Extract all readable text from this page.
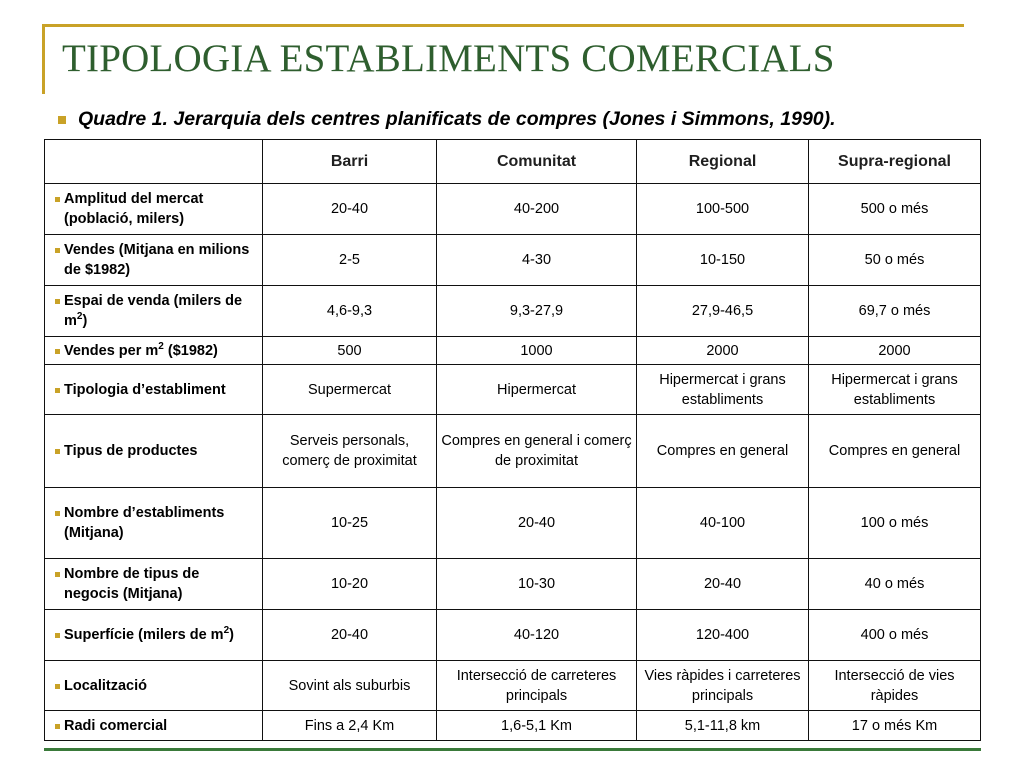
TIPOLOGIA ESTABLIMENTS COMERCIALS
Quadre 1. Jerarquia dels centres planificats de compres (Jones i Simmons, 1990).
	Barri	Comunitat	Regional	Supra-regional

Amplitud del mercat (població, milers)	20-40	40-200	100-500	500 o més

Vendes (Mitjana en milions de $1982)	2-5	4-30	10-150	50 o més

Espai de venda (milers de $m^2$)	4,6-9,3	9,3-27,9	27,9-46,5	69,7 o més

Vendes per $m^2$ ($1982)	500	1000	2000	2000

Tipologia d’establiment	Supermercat	Hipermercat	Hipermercat i grans establiments	Hipermercat i grans establiments

Tipus de productes	Serveis personals, comerç de proximitat	Compres en general i comerç de proximitat	Compres en general	Compres en general

Nombre d’establiments (Mitjana)	10-25	20-40	40-100	100 o més

Nombre de tipus de negocis (Mitjana)	10-20	10-30	20-40	40 o més

Superfície (milers de $m^2$)	20-40	40-120	120-400	400 o més

Localització	Sovint als suburbis	Intersecció de carreteres principals	Vies ràpides i carreteres principals	Intersecció de vies ràpides

Radi comercial	Fins a 2,4 Km	1,6-5,1 Km	5,1-11,8 km	17 o més Km
